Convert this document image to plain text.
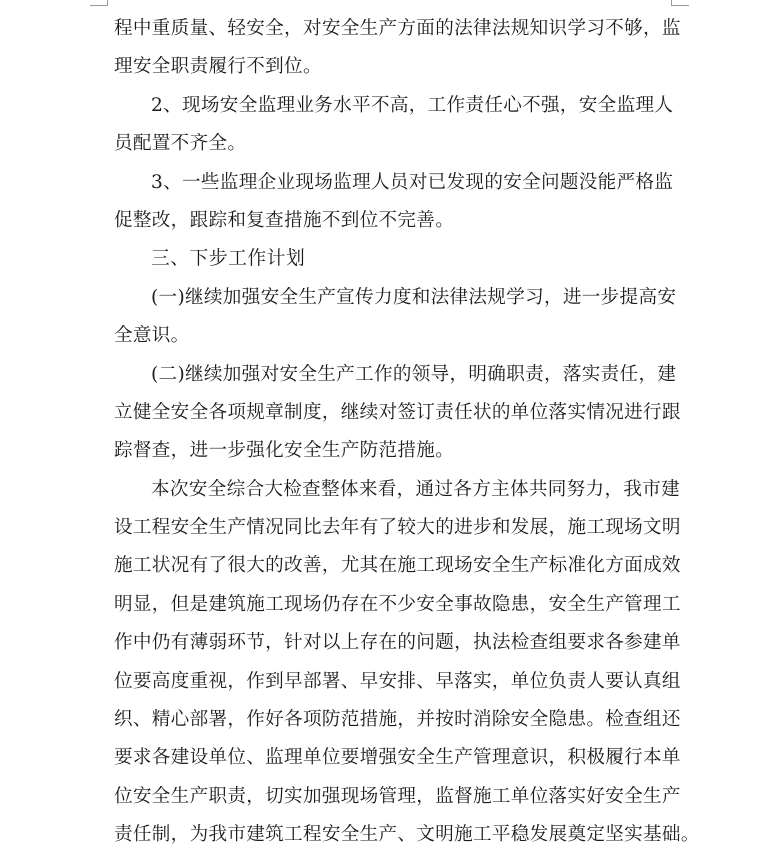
程中重质量、轻安全，对安全生产方面的法律法规知识学习不够，监
理安全职责履行不到位。
2、现场安全监理业务水平不高，工作责任心不强，安全监理人
员配置不齐全。
3、一些监理企业现场监理人员对已发现的安全问题没能严格监
促整改，跟踪和复查措施不到位不完善。
三、下步工作计划
(一)继续加强安全生产宣传力度和法律法规学习，进一步提高安
全意识。
(二)继续加强对安全生产工作的领导，明确职责，落实责任，建
立健全安全各项规章制度，继续对签订责任状的单位落实情况进行跟
踪督查，进一步强化安全生产防范措施。
本次安全综合大检查整体来看，通过各方主体共同努力，我市建
设工程安全生产情况同比去年有了较大的进步和发展，施工现场文明
施工状况有了很大的改善，尤其在施工现场安全生产标准化方面成效
明显，但是建筑施工现场仍存在不少安全事故隐患，安全生产管理工
作中仍有薄弱环节，针对以上存在的问题，执法检查组要求各参建单
位要高度重视，作到早部署、早安排、早落实，单位负责人要认真组
织、精心部署，作好各项防范措施，并按时消除安全隐患。检查组还
要求各建设单位、监理单位要增强安全生产管理意识，积极履行本单
位安全生产职责，切实加强现场管理，监督施工单位落实好安全生产
责任制，为我市建筑工程安全生产、文明施工平稳发展奠定坚实基础。
